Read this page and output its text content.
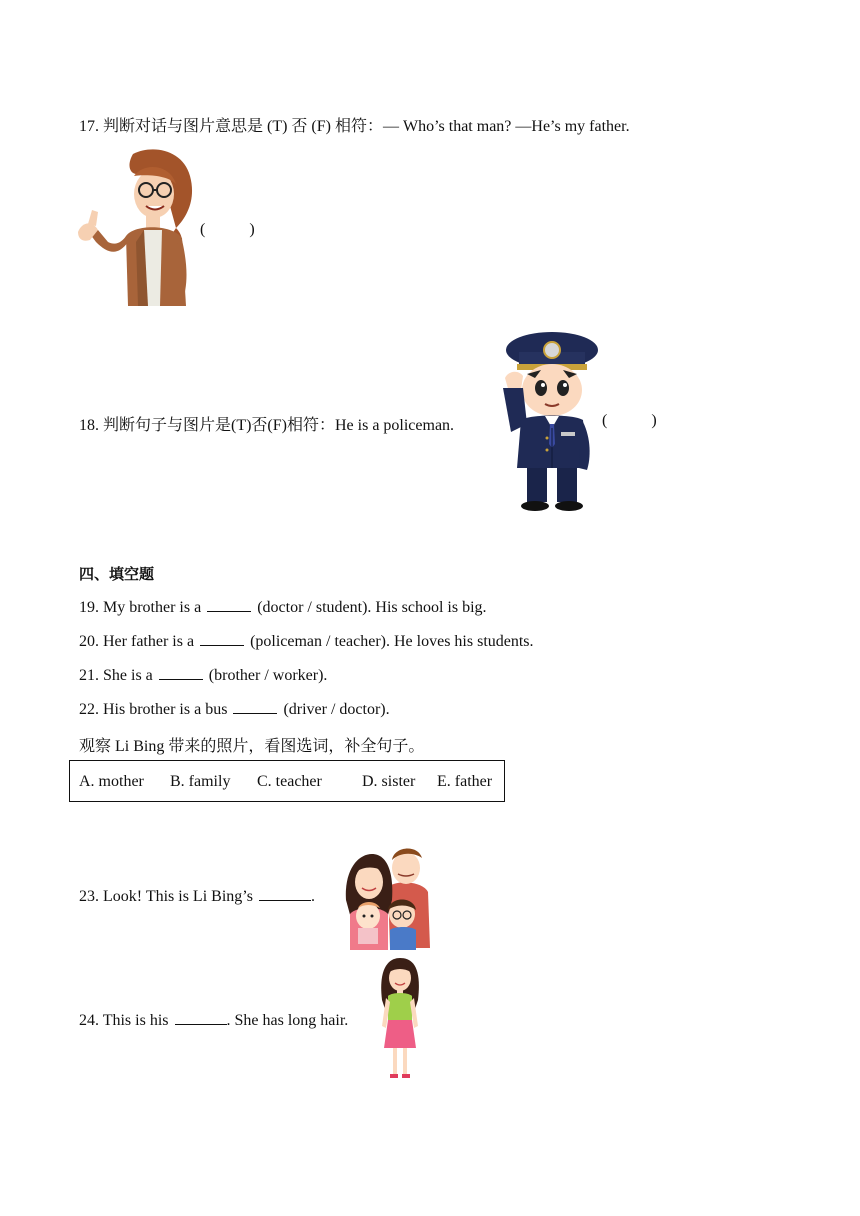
17. 判断对话与图片意思是 (T) 否 (F) 相符：— Who’s that man? —He’s my father.
(	)
18. 判断句子与图片是(T)否(F)相符：He is a policeman.	(	)
四、填空题
19. My brother is a	(doctor / student). His school is big.
20. Her father is a	(policeman / teacher). He loves his students.
21. She is a	(brother / worker).
22. His brother is a bus	(driver / doctor).
观察 Li Bing 带来的照片，看图选词，补全句子。
A. mother B. family C. teacher	D. sister E. father
23. Look! This is Li Bing’s	.
24. This is his	. She has long hair.
